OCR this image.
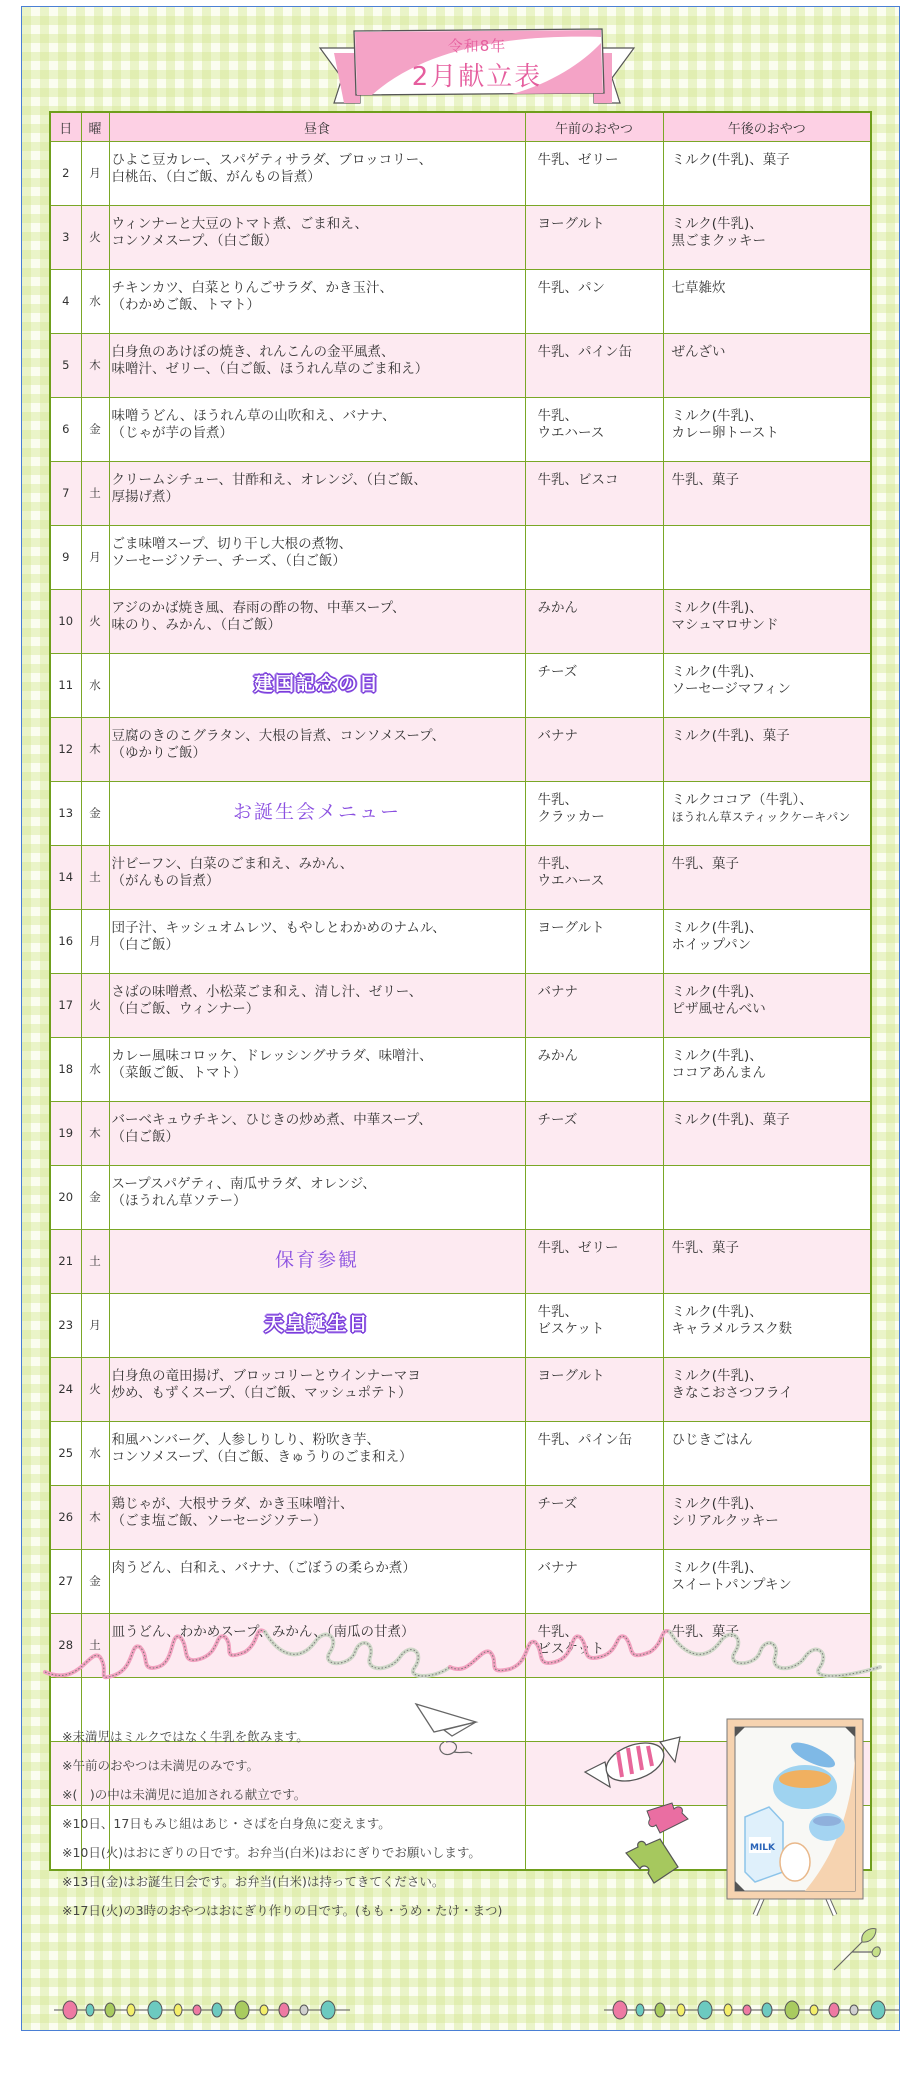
令和8年
2月献立表
日	曜	昼食	午前のおやつ	午後のおやつ
2	月	ひよこ豆カレー、スパゲティサラダ、ブロッコリー、
白桃缶、（白ご飯、がんもの旨煮）	牛乳、ゼリー	ミルク(牛乳)、菓子

3	火	ウィンナーと大豆のトマト煮、ごま和え、
コンソメスープ、（白ご飯）	ヨーグルト	ミルク(牛乳)、
黒ごまクッキー

4	水	チキンカツ、白菜とりんごサラダ、かき玉汁、
（わかめご飯、トマト）	牛乳、パン	七草雑炊

5	木	白身魚のあけぼの焼き、れんこんの金平風煮、
味噌汁、ゼリー、（白ご飯、ほうれん草のごま和え）	牛乳、パイン缶	ぜんざい

6	金	味噌うどん、ほうれん草の山吹和え、バナナ、
（じゃが芋の旨煮）	牛乳、
ウエハース	ミルク(牛乳)、
カレー卵トースト

7	土	クリームシチュー、甘酢和え、オレンジ、（白ご飯、
厚揚げ煮）	牛乳、ビスコ	牛乳、菓子

9	月	ごま味噌スープ、切り干し大根の煮物、
ソーセージソテー、チーズ、（白ご飯）		

10	火	アジのかば焼き風、春雨の酢の物、中華スープ、
味のり、みかん、（白ご飯）	みかん	ミルク(牛乳)、
マシュマロサンド

11	水	建国記念の日	チーズ	ミルク(牛乳)、
ソーセージマフィン

12	木	豆腐のきのこグラタン、大根の旨煮、コンソメスープ、
（ゆかりご飯）	バナナ	ミルク(牛乳)、菓子

13	金	お誕生会メニュー	牛乳、
クラッカー	ミルクココア（牛乳）、
ほうれん草スティックケーキパン

14	土	汁ビーフン、白菜のごま和え、みかん、
（がんもの旨煮）	牛乳、
ウエハース	牛乳、菓子

16	月	団子汁、キッシュオムレツ、もやしとわかめのナムル、
（白ご飯）	ヨーグルト	ミルク(牛乳)、
ホイップパン

17	火	さばの味噌煮、小松菜ごま和え、清し汁、ゼリー、
（白ご飯、ウィンナー）	バナナ	ミルク(牛乳)、
ピザ風せんべい

18	水	カレー風味コロッケ、ドレッシングサラダ、味噌汁、
（菜飯ご飯、トマト）	みかん	ミルク(牛乳)、
ココアあんまん

19	木	バーベキュウチキン、ひじきの炒め煮、中華スープ、
（白ご飯）	チーズ	ミルク(牛乳)、菓子

20	金	スープスパゲティ、南瓜サラダ、オレンジ、
（ほうれん草ソテー）		

21	土	保育参観	牛乳、ゼリー	牛乳、菓子

23	月	天皇誕生日	牛乳、
ビスケット	ミルク(牛乳)、
キャラメルラスク麩

24	火	白身魚の竜田揚げ、ブロッコリーとウインナーマヨ
炒め、もずくスープ、（白ご飯、マッシュポテト）	ヨーグルト	ミルク(牛乳)、
きなこおさつフライ

25	水	和風ハンバーグ、人参しりしり、粉吹き芋、
コンソメスープ、（白ご飯、きゅうりのごま和え）	牛乳、パイン缶	ひじきごはん

26	木	鶏じゃが、大根サラダ、かき玉味噌汁、
（ごま塩ご飯、ソーセージソテー）	チーズ	ミルク(牛乳)、
シリアルクッキー

27	金	肉うどん、白和え、バナナ、（ごぼうの柔らか煮）	バナナ	ミルク(牛乳)、
スイートパンプキン

28	土	皿うどん、わかめスープ、みかん、（南瓜の甘煮）	牛乳、
ビスケット	牛乳、菓子

※未満児はミルクではなく牛乳を飲みます。
※午前のおやつは未満児のみです。
※(　)の中は未満児に追加される献立です。
※10日、17日もみじ組はあじ・さばを白身魚に変えます。
※10日(火)はおにぎりの日です。お弁当(白米)はおにぎりでお願いします。
※13日(金)はお誕生日会です。お弁当(白米)は持ってきてください。
※17日(火)の3時のおやつはおにぎり作りの日です。(もも・うめ・たけ・まつ)
MILK
